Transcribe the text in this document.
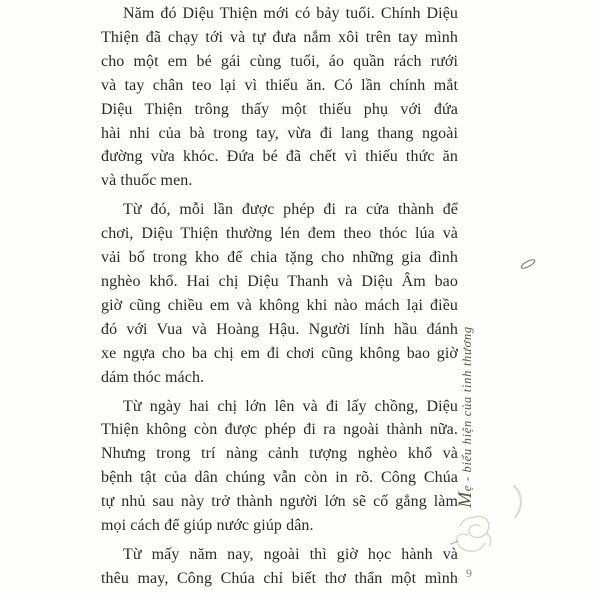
Năm đó Diệu Thiện mới có bảy tuổi. Chính Diệu
Thiện đã chạy tới và tự đưa nắm xôi trên tay mình
cho một em bé gái cùng tuổi, áo quần rách rưới
và tay chân teo lại vì thiếu ăn. Có lần chính mắt
Diệu Thiện trông thấy một thiếu phụ với đứa
hài nhi của bà trong tay, vừa đi lang thang ngoài
đường vừa khóc. Đứa bé đã chết vì thiếu thức ăn
và thuốc men.
Từ đó, mỗi lần được phép đi ra cửa thành để
chơi, Diệu Thiện thường lén đem theo thóc lúa và
vải bố trong kho để chia tặng cho những gia đình
nghèo khổ. Hai chị Diệu Thanh và Diệu Âm bao
giờ cũng chiều em và không khi nào mách lại điều
đó với Vua và Hoàng Hậu. Người lính hầu đánh
xe ngựa cho ba chị em đi chơi cũng không bao giờ
dám thóc mách.
Từ ngày hai chị lớn lên và đi lấy chồng, Diệu
Thiện không còn được phép đi ra ngoài thành nữa.
Nhưng trong trí nàng cảnh tượng nghèo khổ và
bệnh tật của dân chúng vẫn còn in rõ. Công Chúa
tự nhủ sau này trở thành người lớn sẽ cố gắng làm
mọi cách để giúp nước giúp dân.
Từ mấy năm nay, ngoài thì giờ học hành và
thêu may, Công Chúa chỉ biết thơ thẩn một mình
Mẹ - biểu hiện của tình thương
9
